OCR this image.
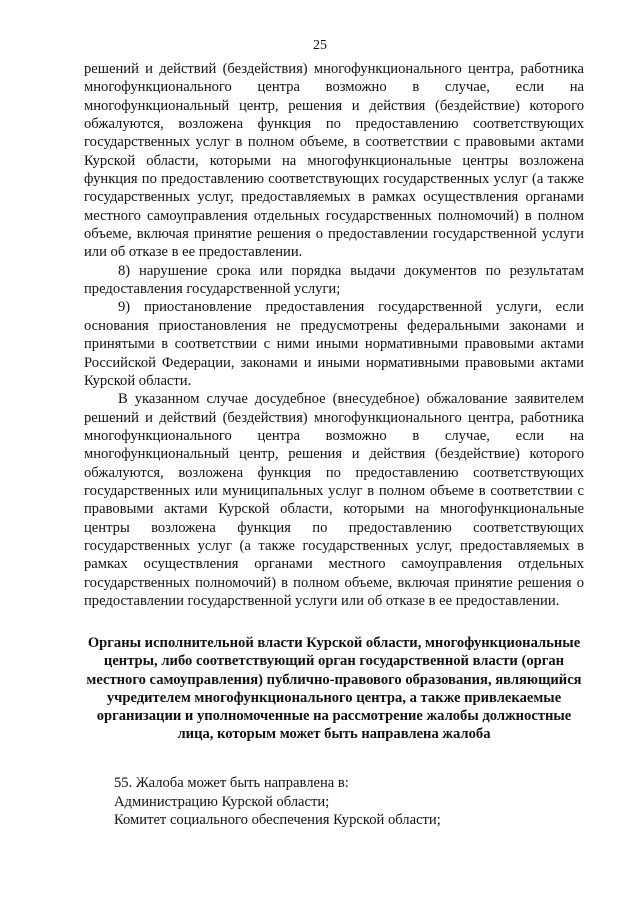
25

решений и действий (бездействия) многофункционального центра, работника многофункционального центра возможно в случае, если на многофункциональный центр, решения и действия (бездействие) которого обжалуются, возложена функция по предоставлению соответствующих государственных услуг в полном объеме, в соответствии с правовыми актами Курской области, которыми на многофункциональные центры возложена функция по предоставлению соответствующих государственных услуг (а также государственных услуг, предоставляемых в рамках осуществления органами местного самоуправления отдельных государственных полномочий) в полном объеме, включая принятие решения о предоставлении государственной услуги или об отказе в ее предоставлении.

8) нарушение срока или порядка выдачи документов по результатам предоставления государственной услуги;

9) приостановление предоставления государственной услуги, если основания приостановления не предусмотрены федеральными законами и принятыми в соответствии с ними иными нормативными правовыми актами Российской Федерации, законами и иными нормативными правовыми актами Курской области.

В указанном случае досудебное (внесудебное) обжалование заявителем решений и действий (бездействия) многофункционального центра, работника многофункционального центра возможно в случае, если на многофункциональный центр, решения и действия (бездействие) которого обжалуются, возложена функция по предоставлению соответствующих государственных или муниципальных услуг в полном объеме в соответствии с правовыми актами Курской области, которыми на многофункциональные центры возложена функция по предоставлению соответствующих государственных услуг (а также государственных услуг, предоставляемых в рамках осуществления органами местного самоуправления отдельных государственных полномочий) в полном объеме, включая принятие решения о предоставлении государственной услуги или об отказе в ее предоставлении.

Органы исполнительной власти Курской области, многофункциональные центры, либо соответствующий орган государственной власти (орган местного самоуправления) публично-правового образования, являющийся учредителем многофункционального центра, а также привлекаемые организации и уполномоченные на рассмотрение жалобы должностные лица, которым может быть направлена жалоба

55. Жалоба может быть направлена в:

Администрацию Курской области;

Комитет социального обеспечения Курской области;
